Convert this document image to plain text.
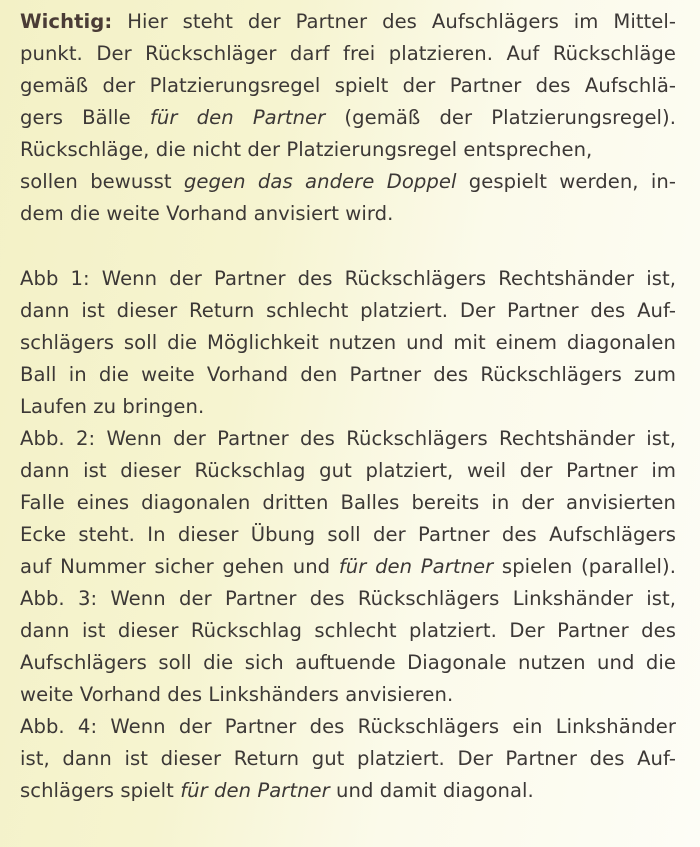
Wichtig: Hier steht der Partner des Aufschlägers im Mittel-
punkt. Der Rückschläger darf frei platzieren. Auf Rückschläge
gemäß der Platzierungsregel spielt der Partner des Aufschlä-
gers Bälle für den Partner (gemäß der Platzierungsregel).
Rückschläge, die nicht der Platzierungsregel entsprechen,
sollen bewusst gegen das andere Doppel gespielt werden, in-
dem die weite Vorhand anvisiert wird.
Abb 1: Wenn der Partner des Rückschlägers Rechtshänder ist,
dann ist dieser Return schlecht platziert. Der Partner des Auf-
schlägers soll die Möglichkeit nutzen und mit einem diagonalen
Ball in die weite Vorhand den Partner des Rückschlägers zum
Laufen zu bringen.
Abb. 2: Wenn der Partner des Rückschlägers Rechtshänder ist,
dann ist dieser Rückschlag gut platziert, weil der Partner im
Falle eines diagonalen dritten Balles bereits in der anvisierten
Ecke steht. In dieser Übung soll der Partner des Aufschlägers
auf Nummer sicher gehen und für den Partner spielen (parallel).
Abb. 3: Wenn der Partner des Rückschlägers Linkshänder ist,
dann ist dieser Rückschlag schlecht platziert. Der Partner des
Aufschlägers soll die sich auftuende Diagonale nutzen und die
weite Vorhand des Linkshänders anvisieren.
Abb. 4: Wenn der Partner des Rückschlägers ein Linkshänder
ist, dann ist dieser Return gut platziert. Der Partner des Auf-
schlägers spielt für den Partner und damit diagonal.
